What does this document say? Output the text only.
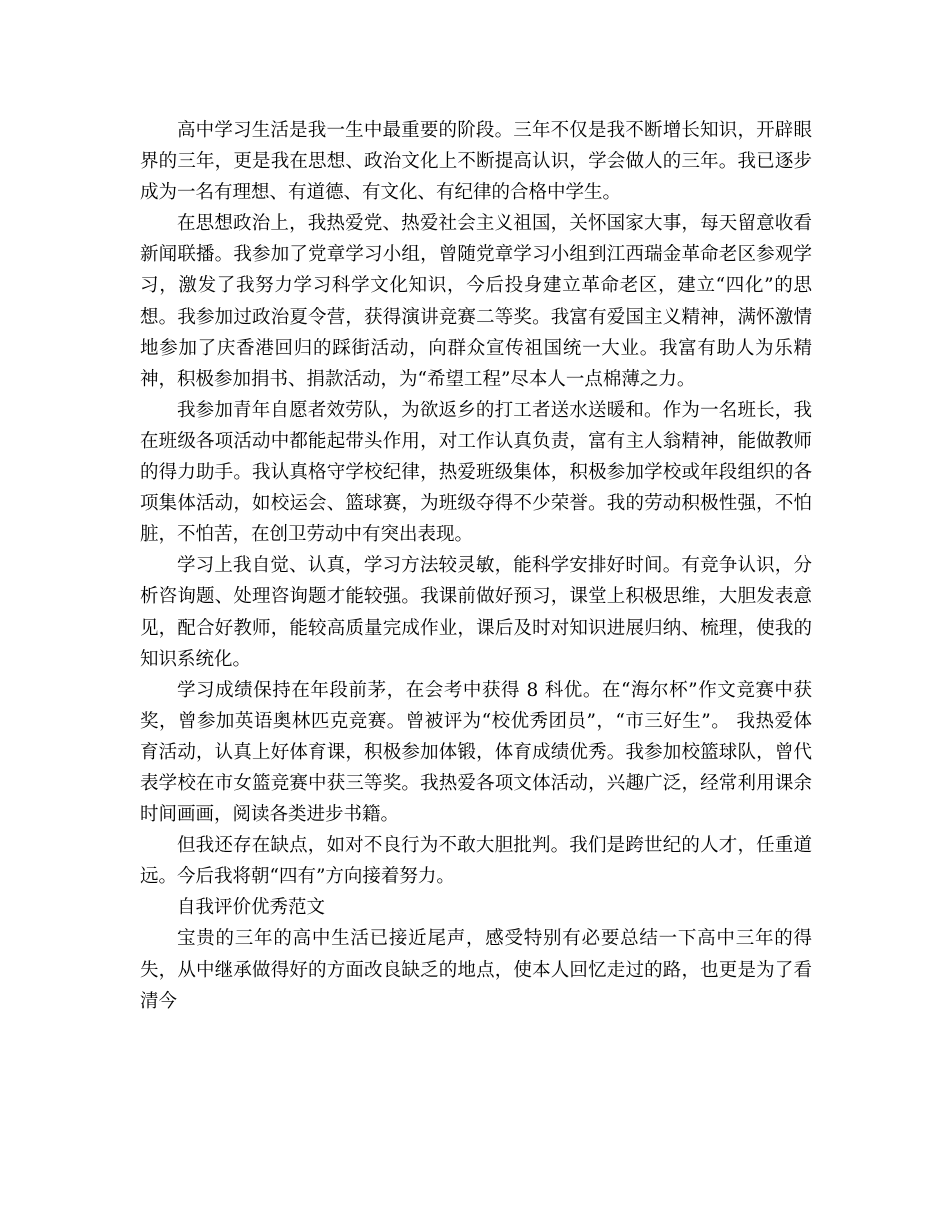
高中学习生活是我一生中最重要的阶段。三年不仅是我不断增长知识，开辟眼界的三年，更是我在思想、政治文化上不断提高认识，学会做人的三年。我已逐步成为一名有理想、有道德、有文化、有纪律的合格中学生。

在思想政治上，我热爱党、热爱社会主义祖国，关怀国家大事，每天留意收看新闻联播。我参加了党章学习小组，曾随党章学习小组到江西瑞金革命老区参观学习，激发了我努力学习科学文化知识，今后投身建立革命老区，建立“四化”的思想。我参加过政治夏令营，获得演讲竞赛二等奖。我富有爱国主义精神，满怀激情地参加了庆香港回归的踩街活动，向群众宣传祖国统一大业。我富有助人为乐精神，积极参加捐书、捐款活动，为“希望工程”尽本人一点棉薄之力。

我参加青年自愿者效劳队，为欲返乡的打工者送水送暖和。作为一名班长，我在班级各项活动中都能起带头作用，对工作认真负责，富有主人翁精神，能做教师的得力助手。我认真格守学校纪律，热爱班级集体，积极参加学校或年段组织的各项集体活动，如校运会、篮球赛，为班级夺得不少荣誉。我的劳动积极性强，不怕脏，不怕苦，在创卫劳动中有突出表现。

学习上我自觉、认真，学习方法较灵敏，能科学安排好时间。有竞争认识，分析咨询题、处理咨询题才能较强。我课前做好预习，课堂上积极思维，大胆发表意见，配合好教师，能较高质量完成作业，课后及时对知识进展归纳、梳理，使我的知识系统化。

学习成绩保持在年段前茅，在会考中获得 8 科优。在“海尔杯”作文竞赛中获奖，曾参加英语奥林匹克竞赛。曾被评为“校优秀团员”，“市三好生”。 我热爱体育活动，认真上好体育课，积极参加体锻，体育成绩优秀。我参加校篮球队，曾代表学校在市女篮竞赛中获三等奖。我热爱各项文体活动，兴趣广泛，经常利用课余时间画画，阅读各类进步书籍。

但我还存在缺点，如对不良行为不敢大胆批判。我们是跨世纪的人才，任重道远。今后我将朝“四有”方向接着努力。

自我评价优秀范文

宝贵的三年的高中生活已接近尾声，感受特别有必要总结一下高中三年的得失，从中继承做得好的方面改良缺乏的地点，使本人回忆走过的路，也更是为了看清今
